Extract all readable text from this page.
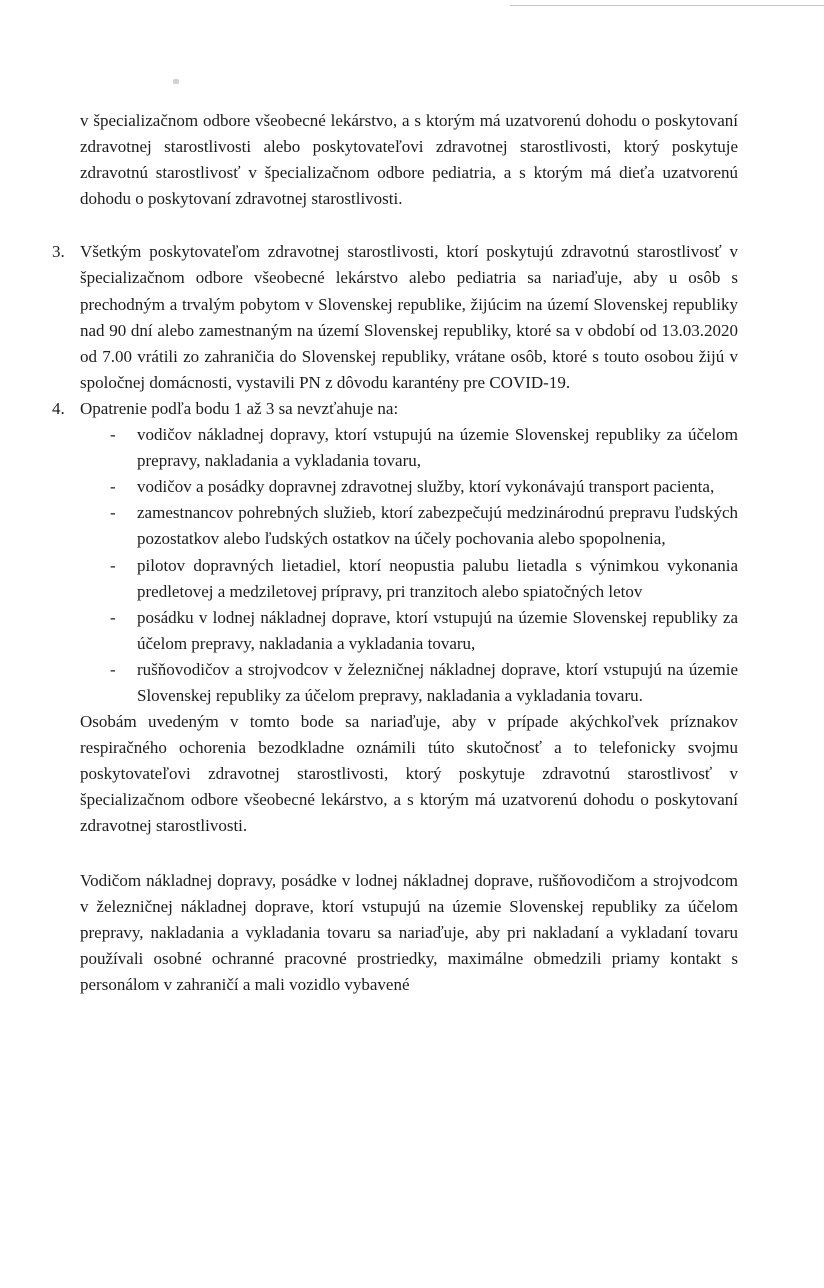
v špecializačnom odbore všeobecné lekárstvo, a s ktorým má uzatvorenú dohodu o poskytovaní zdravotnej starostlivosti alebo poskytovateľovi zdravotnej starostlivosti, ktorý poskytuje zdravotnú starostlivosť v špecializačnom odbore pediatria, a s ktorým má dieťa uzatvorenú dohodu o poskytovaní zdravotnej starostlivosti.

3. Všetkým poskytovateľom zdravotnej starostlivosti, ktorí poskytujú zdravotnú starostlivosť v špecializačnom odbore všeobecné lekárstvo alebo pediatria sa nariaďuje, aby u osôb s prechodným a trvalým pobytom v Slovenskej republike, žijúcim na území Slovenskej republiky nad 90 dní alebo zamestnaným na území Slovenskej republiky, ktoré sa v období od 13.03.2020 od 7.00 vrátili zo zahraničia do Slovenskej republiky, vrátane osôb, ktoré s touto osobou žijú v spoločnej domácnosti, vystavili PN z dôvodu karantény pre COVID-19.

4. Opatrenie podľa bodu 1 až 3 sa nevzťahuje na:

- vodičov nákladnej dopravy, ktorí vstupujú na územie Slovenskej republiky za účelom prepravy, nakladania a vykladania tovaru,
- vodičov a posádky dopravnej zdravotnej služby, ktorí vykonávajú transport pacienta,
- zamestnancov pohrebných služieb, ktorí zabezpečujú medzinárodnú prepravu ľudských pozostatkov alebo ľudských ostatkov na účely pochovania alebo spopolnenia,
- pilotov dopravných lietadiel, ktorí neopustia palubu lietadla s výnimkou vykonania predletovej a medziletovej prípravy, pri tranzitoch alebo spiatočných letov
- posádku v lodnej nákladnej doprave, ktorí vstupujú na územie Slovenskej republiky za účelom prepravy, nakladania a vykladania tovaru,
- rušňovodičov a strojvodcov v železničnej nákladnej doprave, ktorí vstupujú na územie Slovenskej republiky za účelom prepravy, nakladania a vykladania tovaru.

Osobám uvedeným v tomto bode sa nariaďuje, aby v prípade akýchkoľvek príznakov respiračného ochorenia bezodkladne oznámili túto skutočnosť a to telefonicky svojmu poskytovateľovi zdravotnej starostlivosti, ktorý poskytuje zdravotnú starostlivosť v špecializačnom odbore všeobecné lekárstvo, a s ktorým má uzatvorenú dohodu o poskytovaní zdravotnej starostlivosti.

Vodičom nákladnej dopravy, posádke v lodnej nákladnej doprave, rušňovodičom a strojvodcom v železničnej nákladnej doprave, ktorí vstupujú na územie Slovenskej republiky za účelom prepravy, nakladania a vykladania tovaru sa nariaďuje, aby pri nakladaní a vykladaní tovaru používali osobné ochranné pracovné prostriedky, maximálne obmedzili priamy kontakt s personálom v zahraničí a mali vozidlo vybavené
